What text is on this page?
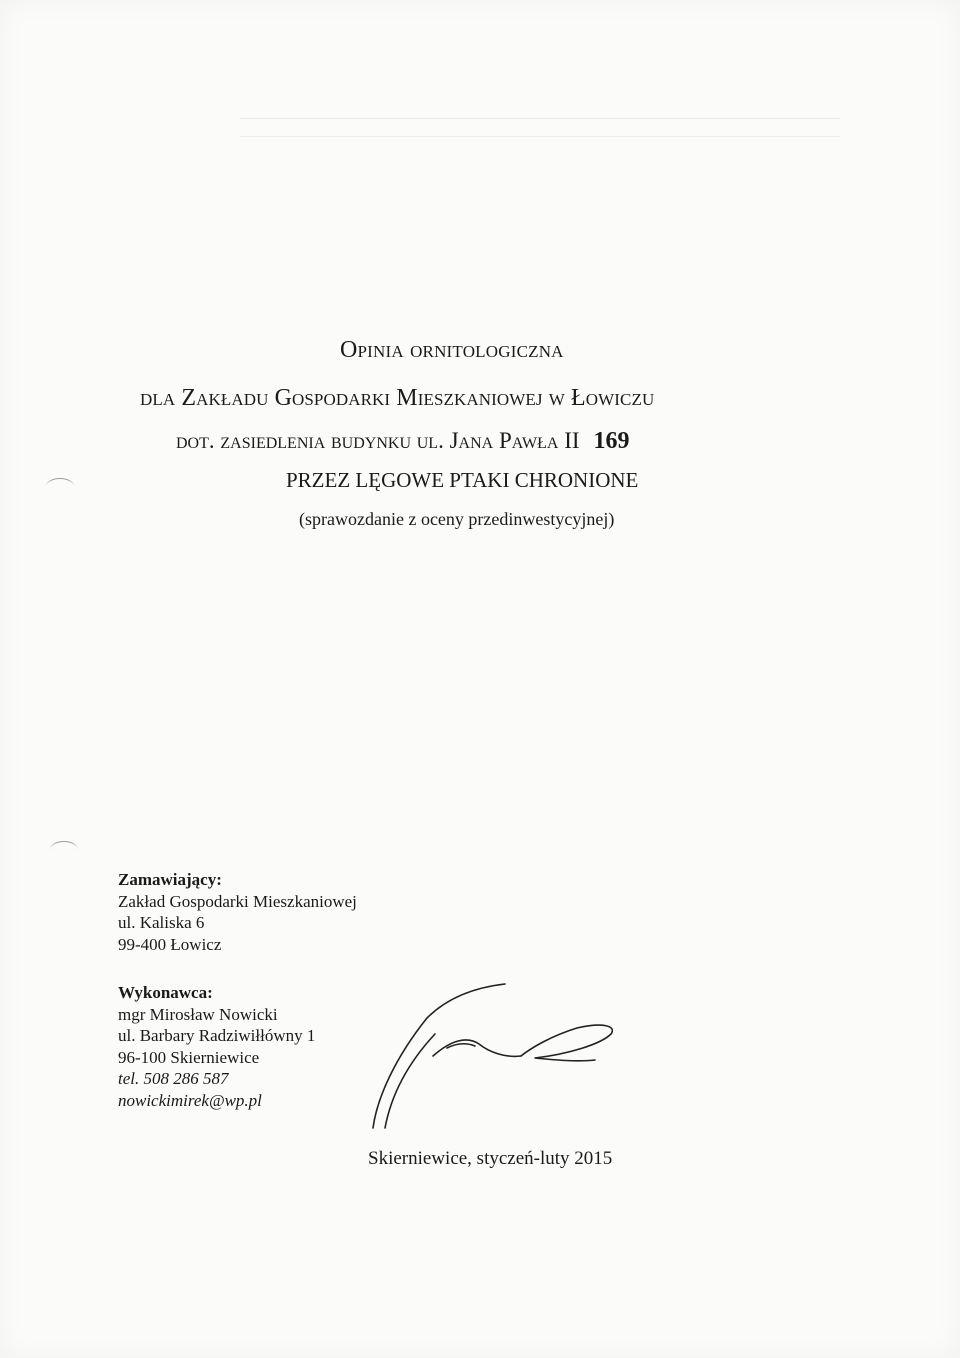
Opinia ornitologiczna
dla Zakładu Gospodarki Mieszkaniowej w Łowiczu
dot. zasiedlenia budynku ul. Jana Pawła II 169
PRZEZ LĘGOWE PTAKI CHRONIONE
(sprawozdanie z oceny przedinwestycyjnej)
Zamawiający:
Zakład Gospodarki Mieszkaniowej
ul. Kaliska 6
99-400 Łowicz
Wykonawca:
mgr Mirosław Nowicki
ul. Barbary Radziwiłłówny 1
96-100 Skierniewice
tel. 508 286 587
nowickimirek@wp.pl
Skierniewice, styczeń-luty 2015
